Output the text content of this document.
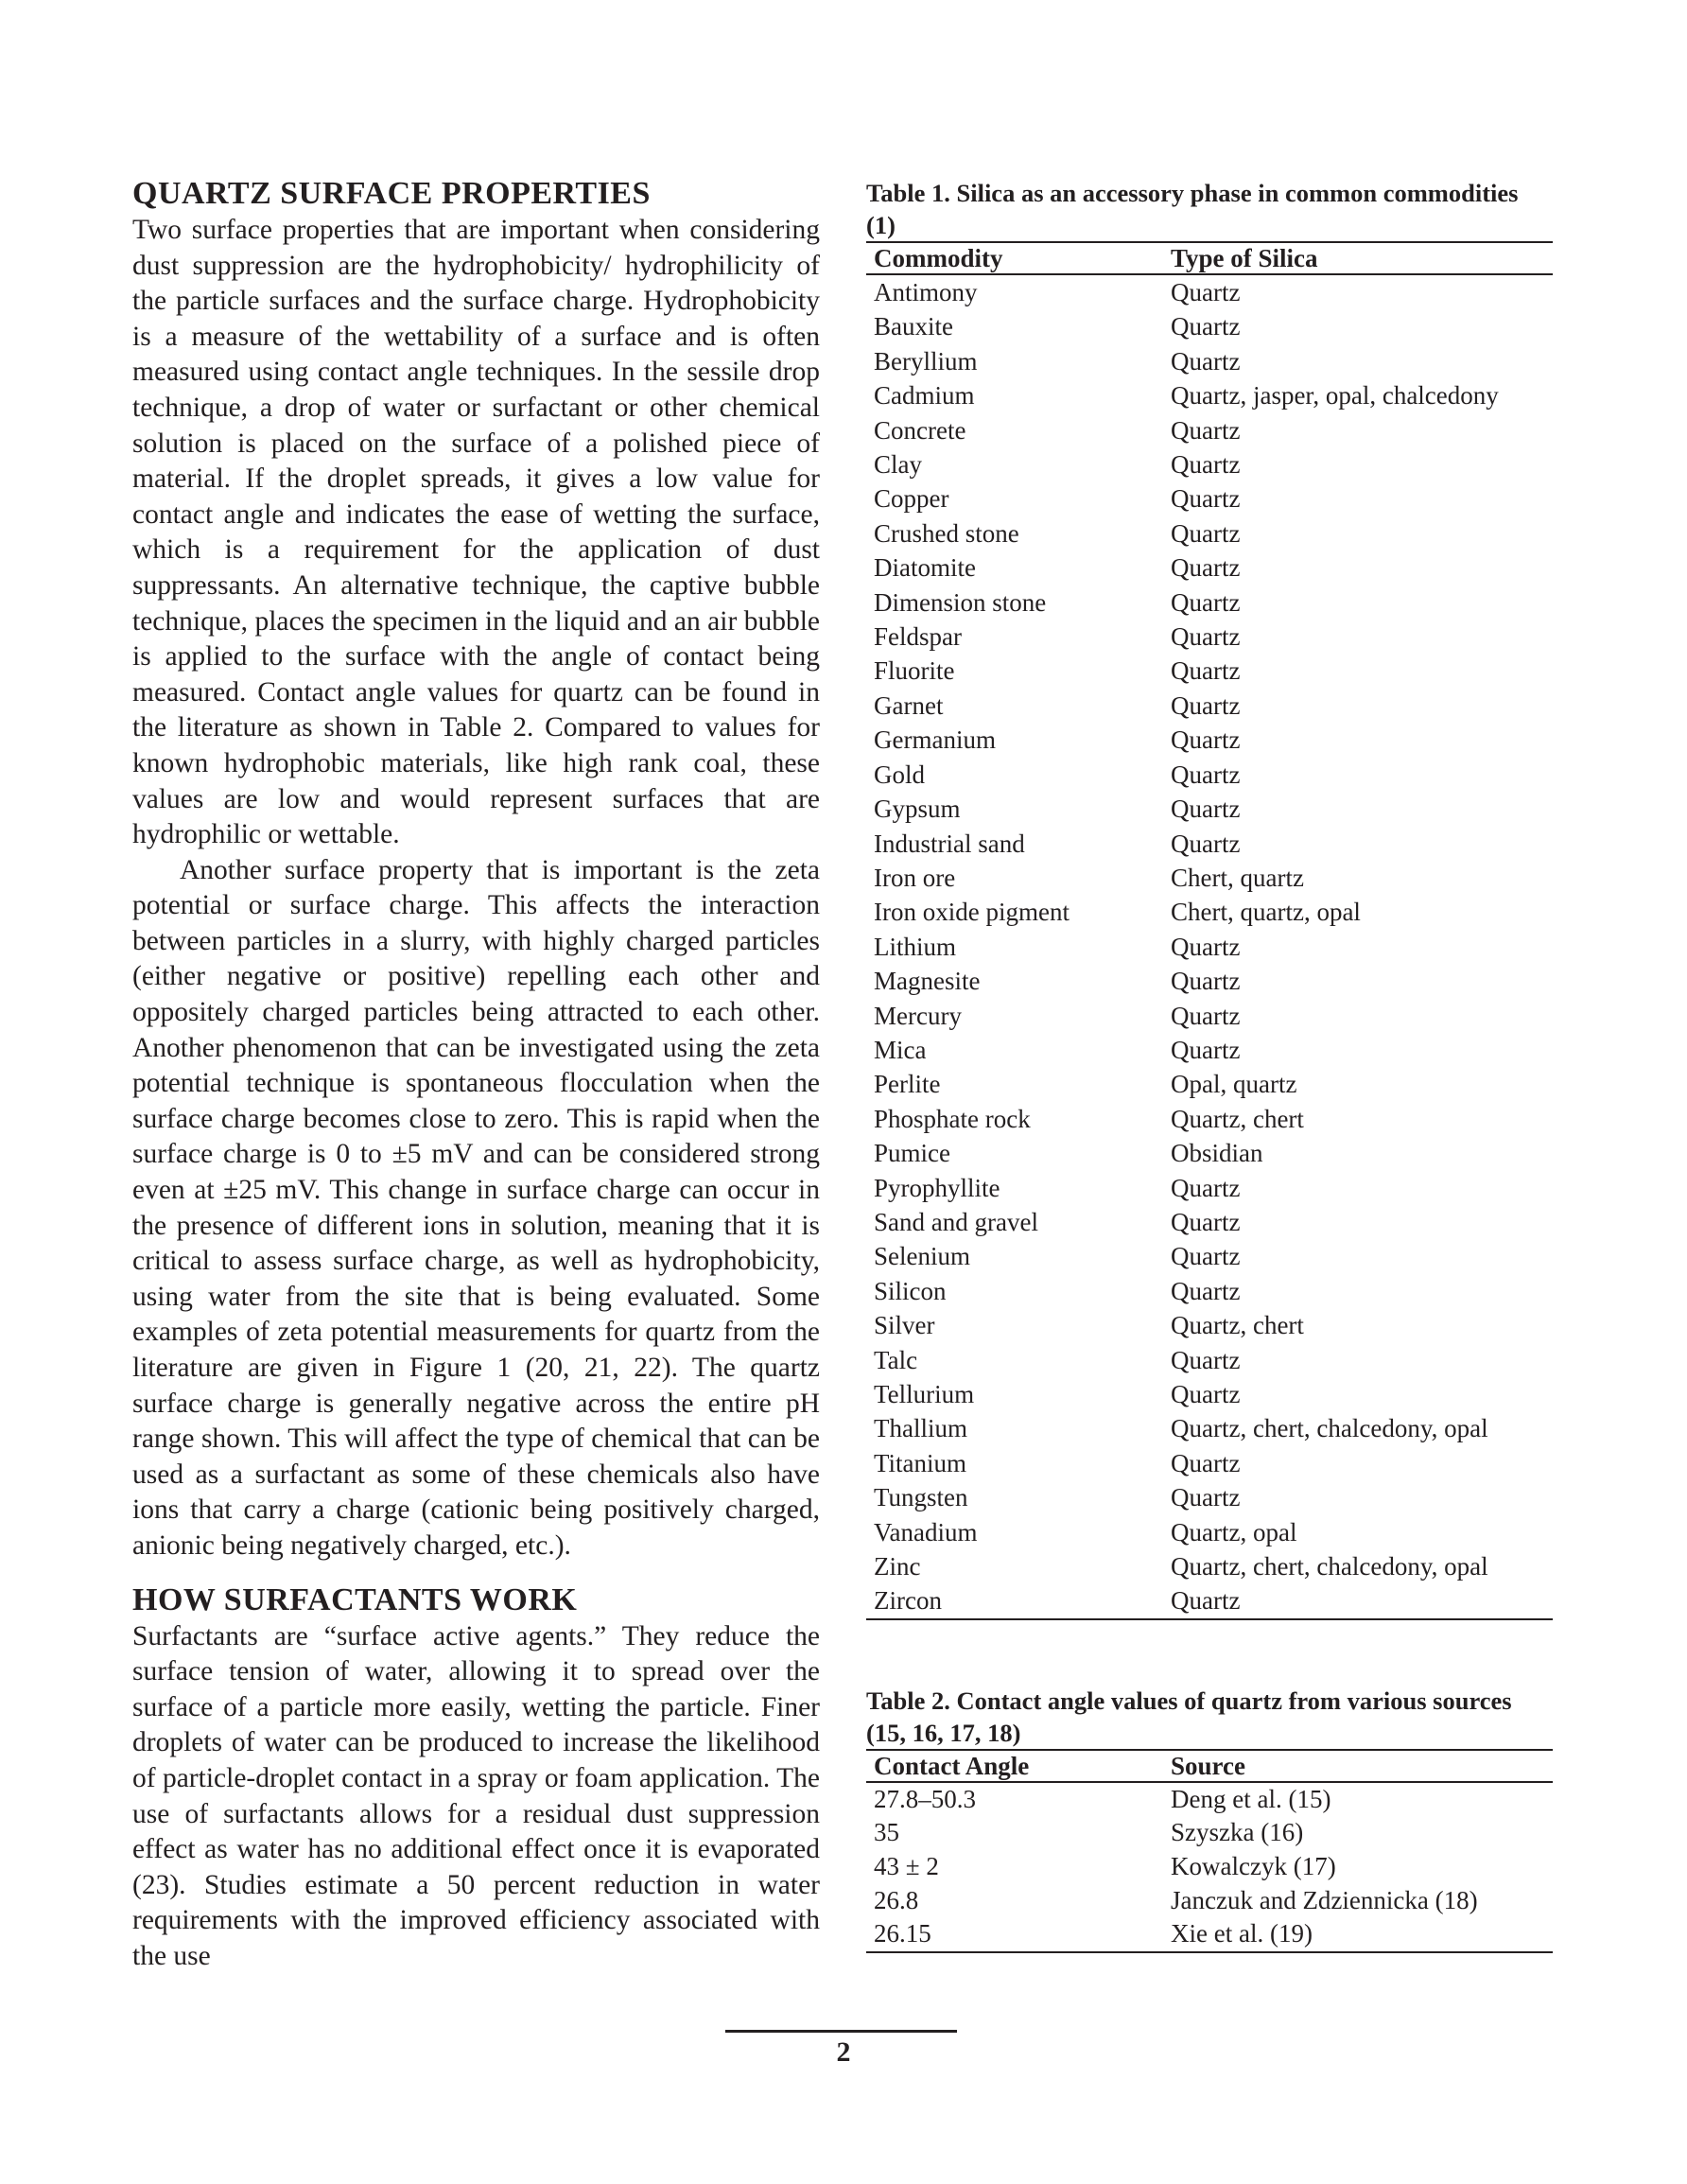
QUARTZ SURFACE PROPERTIES

Two surface properties that are important when considering dust suppression are the hydrophobicity/ hydrophilicity of the particle surfaces and the surface charge. Hydrophobicity is a measure of the wettability of a surface and is often measured using contact angle techniques. In the sessile drop technique, a drop of water or surfactant or other chemical solution is placed on the surface of a polished piece of material. If the droplet spreads, it gives a low value for contact angle and indicates the ease of wetting the surface, which is a requirement for the application of dust suppressants. An alternative technique, the captive bubble technique, places the specimen in the liquid and an air bubble is applied to the surface with the angle of contact being measured. Contact angle values for quartz can be found in the literature as shown in Table 2. Compared to values for known hydrophobic materials, like high rank coal, these values are low and would represent surfaces that are hydrophilic or wettable.

Another surface property that is important is the zeta potential or surface charge. This affects the interaction between particles in a slurry, with highly charged particles (either negative or positive) repelling each other and oppositely charged particles being attracted to each other. Another phenomenon that can be investigated using the zeta potential technique is spontaneous flocculation when the surface charge becomes close to zero. This is rapid when the surface charge is 0 to ±5 mV and can be considered strong even at ±25 mV. This change in surface charge can occur in the presence of different ions in solution, meaning that it is critical to assess surface charge, as well as hydrophobicity, using water from the site that is being evaluated. Some examples of zeta potential measurements for quartz from the literature are given in Figure 1 (20, 21, 22). The quartz surface charge is generally negative across the entire pH range shown. This will affect the type of chemical that can be used as a surfactant as some of these chemicals also have ions that carry a charge (cationic being positively charged, anionic being negatively charged, etc.).

HOW SURFACTANTS WORK

Surfactants are “surface active agents.” They reduce the surface tension of water, allowing it to spread over the surface of a particle more easily, wetting the particle. Finer droplets of water can be produced to increase the likelihood of particle-droplet contact in a spray or foam application. The use of surfactants allows for a residual dust suppression effect as water has no additional effect once it is evaporated (23). Studies estimate a 50 percent reduction in water requirements with the improved efficiency associated with the use

Table 1. Silica as an accessory phase in common commodities (1)

Commodity	Type of Silica
Antimony	Quartz
Bauxite	Quartz
Beryllium	Quartz
Cadmium	Quartz, jasper, opal, chalcedony
Concrete	Quartz
Clay	Quartz
Copper	Quartz
Crushed stone	Quartz
Diatomite	Quartz
Dimension stone	Quartz
Feldspar	Quartz
Fluorite	Quartz
Garnet	Quartz
Germanium	Quartz
Gold	Quartz
Gypsum	Quartz
Industrial sand	Quartz
Iron ore	Chert, quartz
Iron oxide pigment	Chert, quartz, opal
Lithium	Quartz
Magnesite	Quartz
Mercury	Quartz
Mica	Quartz
Perlite	Opal, quartz
Phosphate rock	Quartz, chert
Pumice	Obsidian
Pyrophyllite	Quartz
Sand and gravel	Quartz
Selenium	Quartz
Silicon	Quartz
Silver	Quartz, chert
Talc	Quartz
Tellurium	Quartz
Thallium	Quartz, chert, chalcedony, opal
Titanium	Quartz
Tungsten	Quartz
Vanadium	Quartz, opal
Zinc	Quartz, chert, chalcedony, opal
Zircon	Quartz

Table 2. Contact angle values of quartz from various sources (15, 16, 17, 18)

Contact Angle	Source
27.8–50.3	Deng et al. (15)
35	Szyszka (16)
43 ± 2	Kowalczyk (17)
26.8	Janczuk and Zdziennicka (18)
26.15	Xie et al. (19)
2
